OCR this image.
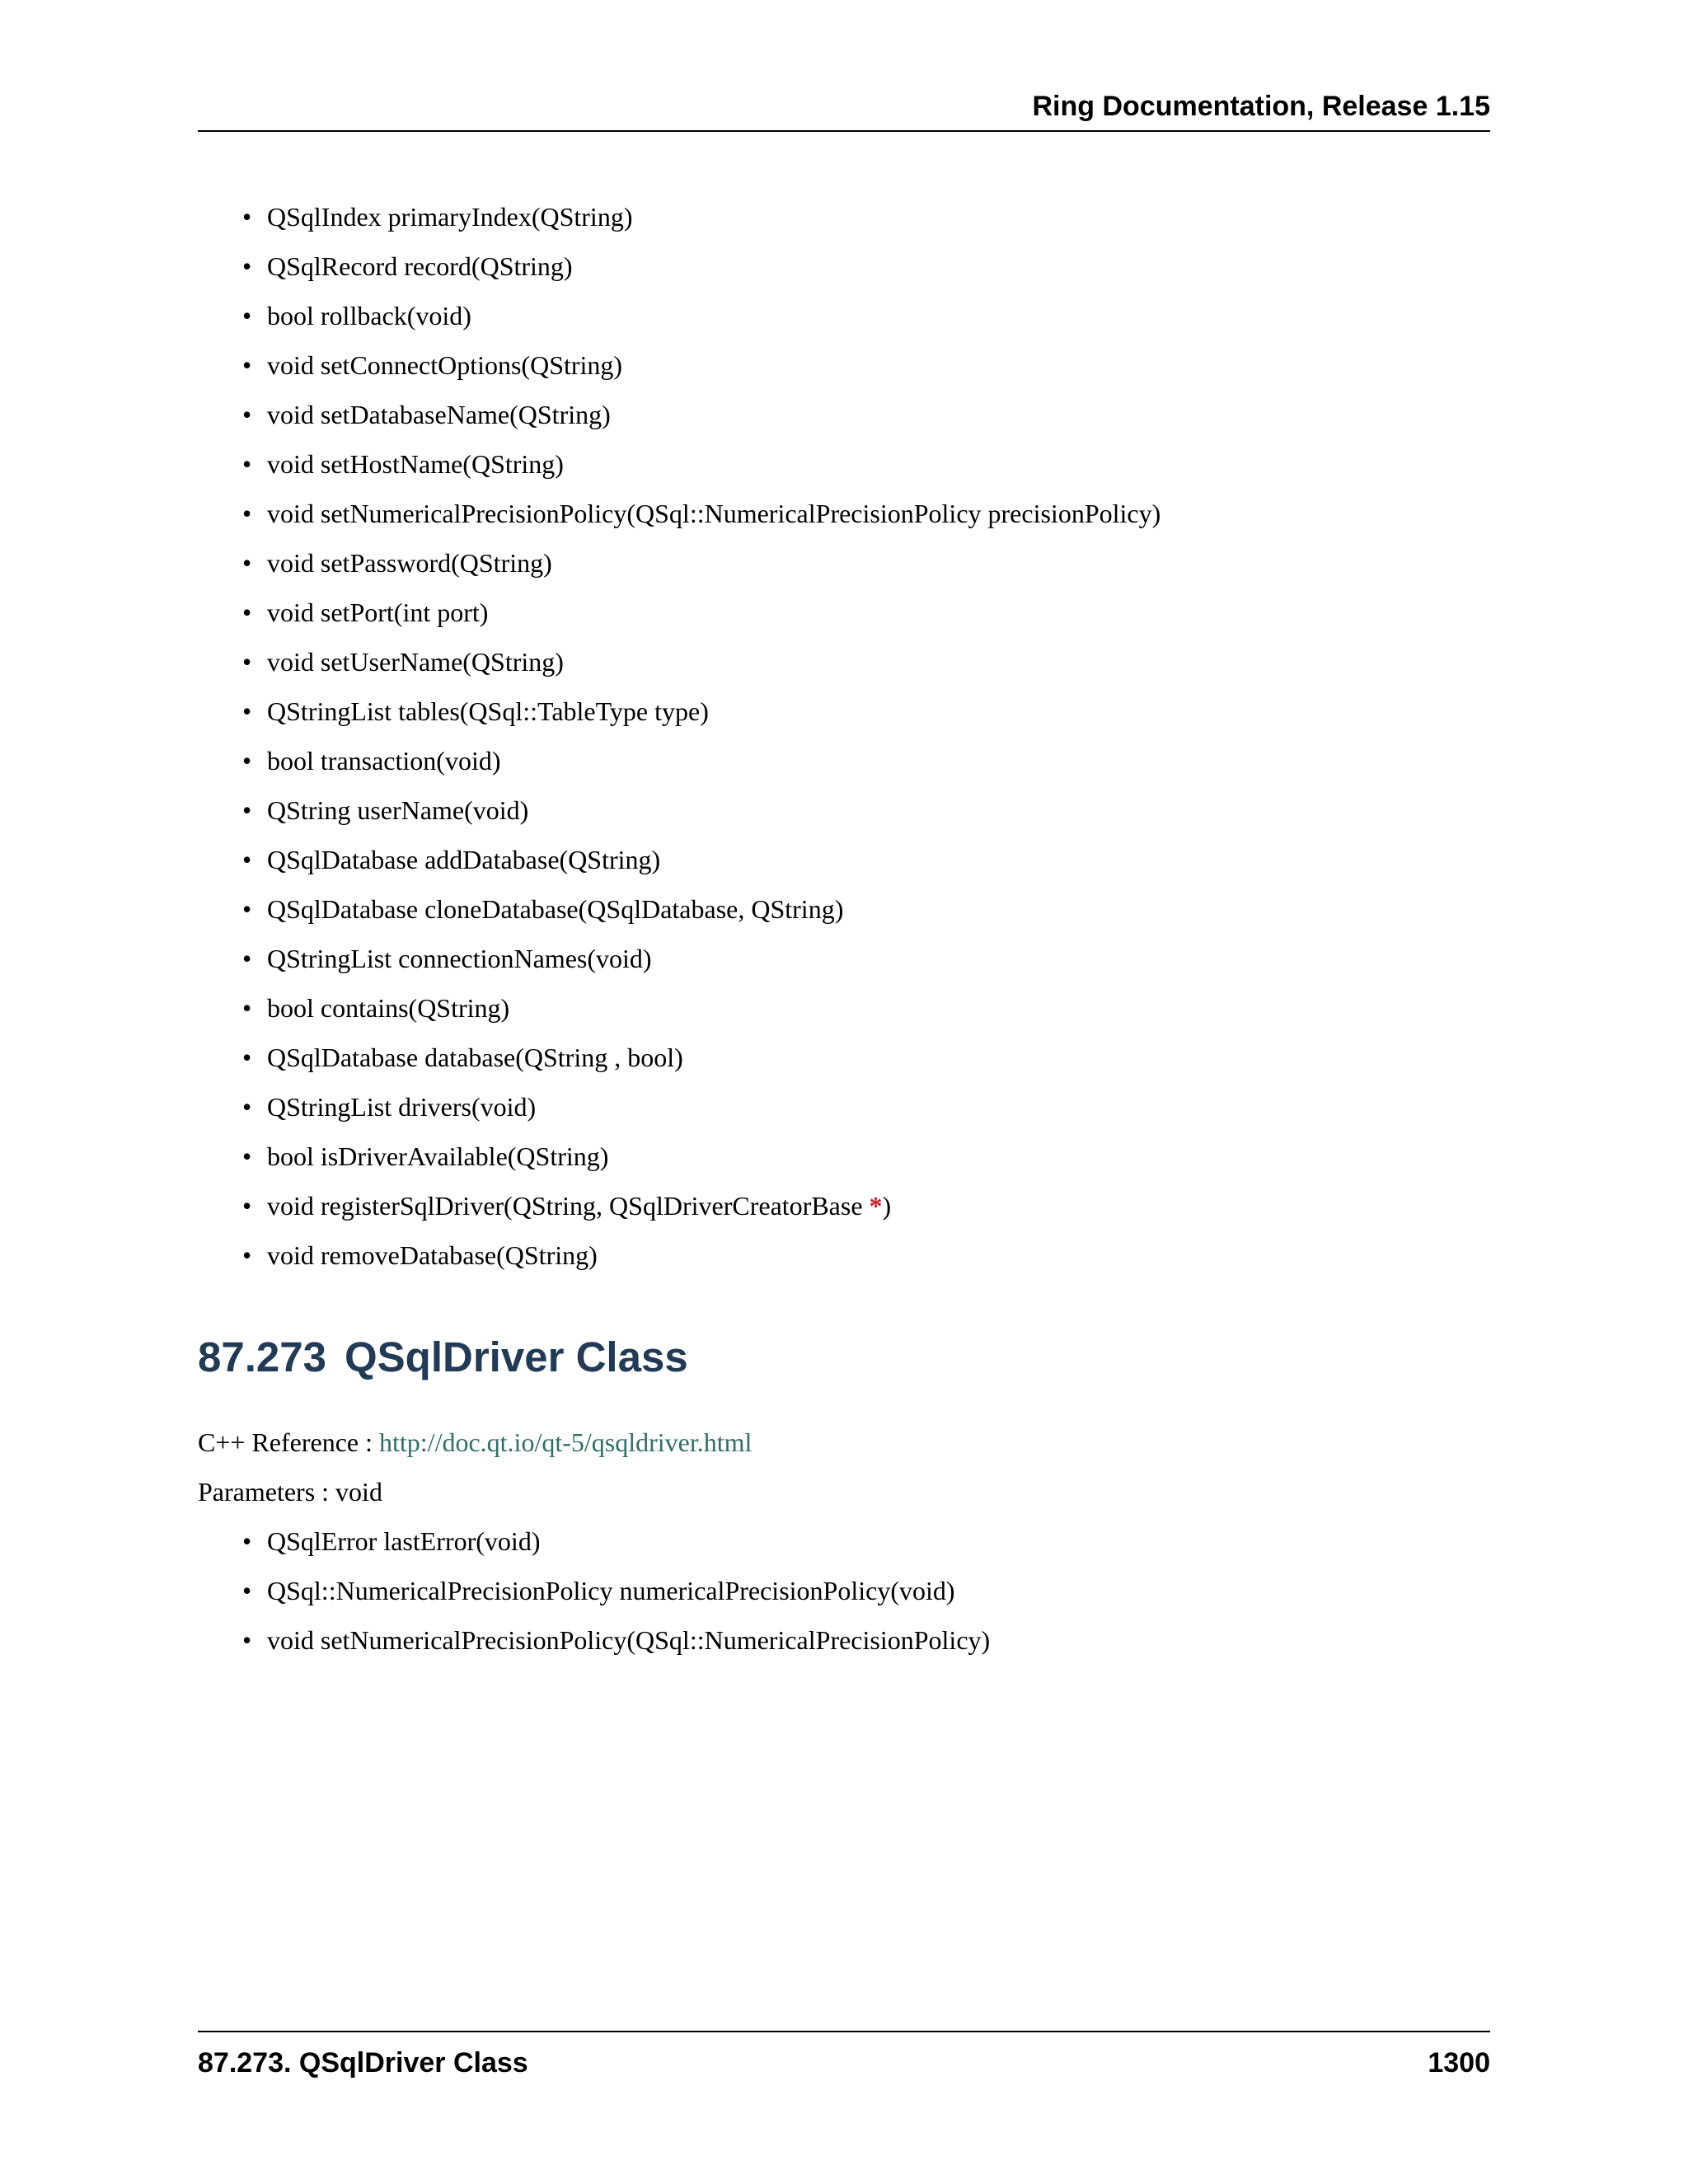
Ring Documentation, Release 1.15
• QSqlIndex primaryIndex(QString)
• QSqlRecord record(QString)
• bool rollback(void)
• void setConnectOptions(QString)
• void setDatabaseName(QString)
• void setHostName(QString)
• void setNumericalPrecisionPolicy(QSql::NumericalPrecisionPolicy precisionPolicy)
• void setPassword(QString)
• void setPort(int port)
• void setUserName(QString)
• QStringList tables(QSql::TableType type)
• bool transaction(void)
• QString userName(void)
• QSqlDatabase addDatabase(QString)
• QSqlDatabase cloneDatabase(QSqlDatabase, QString)
• QStringList connectionNames(void)
• bool contains(QString)
• QSqlDatabase database(QString , bool)
• QStringList drivers(void)
• bool isDriverAvailable(QString)
• void registerSqlDriver(QString, QSqlDriverCreatorBase *)
• void removeDatabase(QString)
87.273 QSqlDriver Class

C++ Reference : http://doc.qt.io/qt-5/qsqldriver.html

Parameters : void

• QSqlError lastError(void)
• QSql::NumericalPrecisionPolicy numericalPrecisionPolicy(void)
• void setNumericalPrecisionPolicy(QSql::NumericalPrecisionPolicy)
87.273. QSqlDriver Class	1300
